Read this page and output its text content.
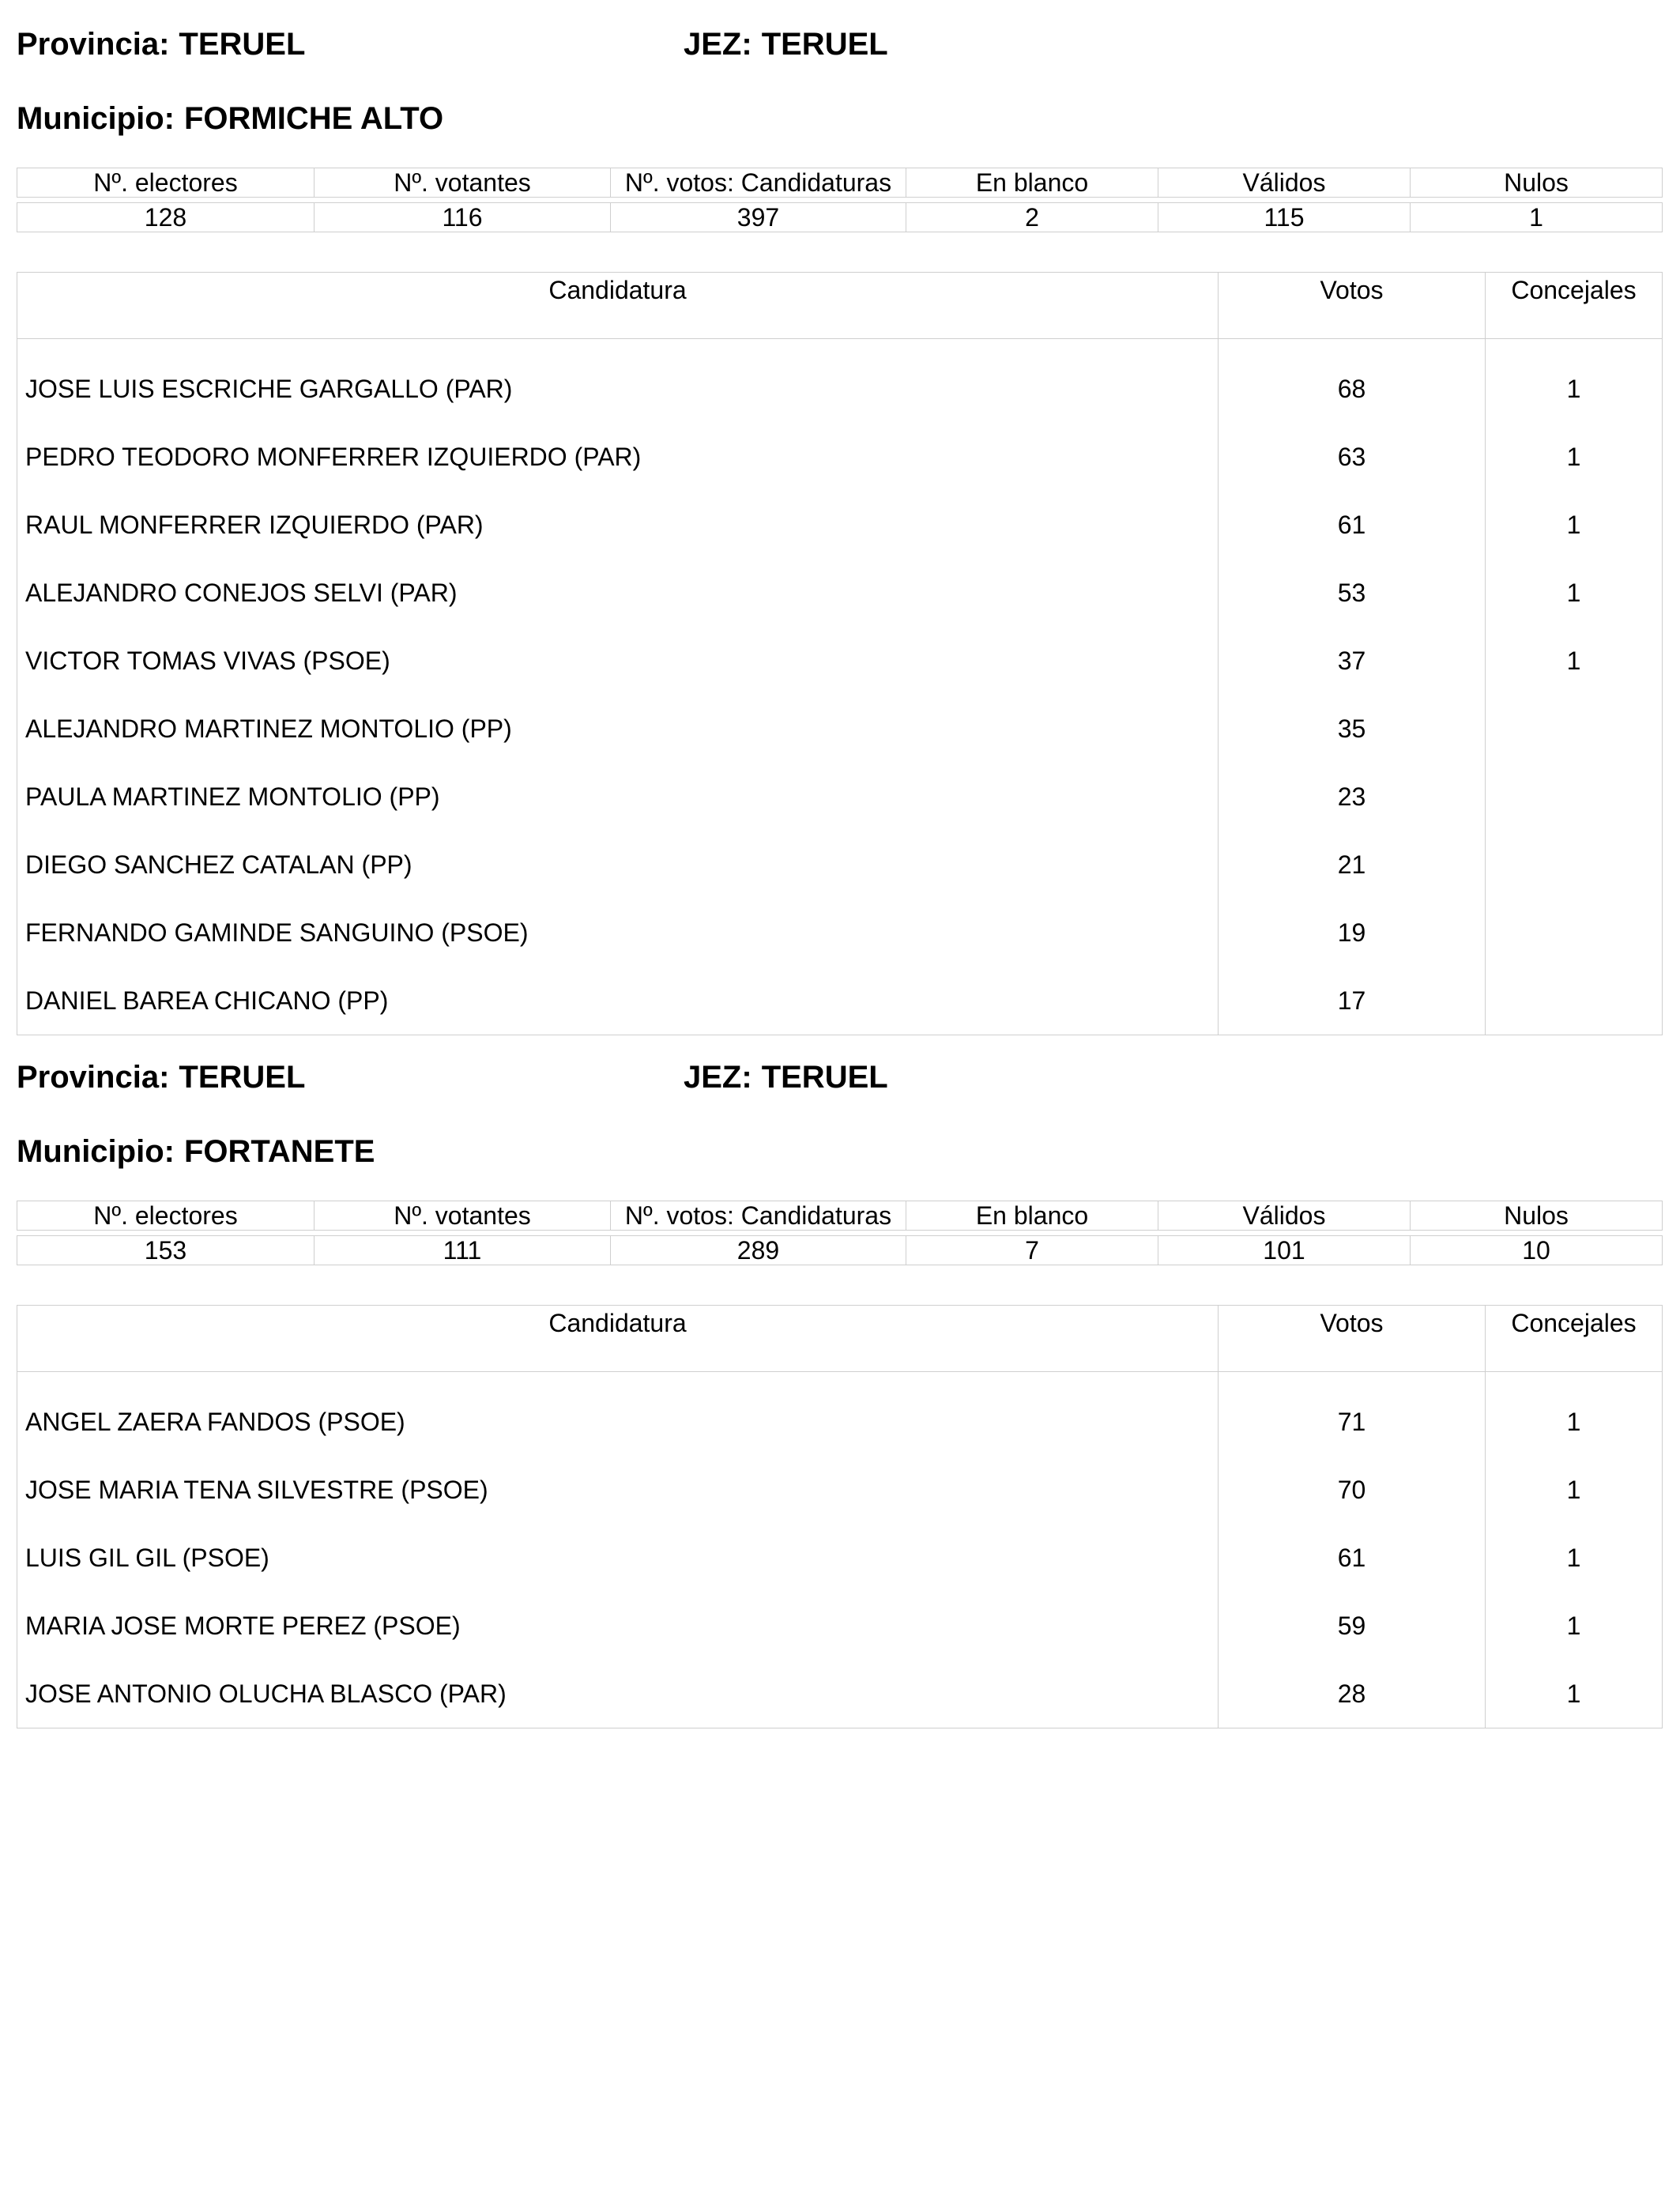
Provincia: TERUEL	JEZ: TERUEL
Municipio: FORMICHE ALTO
Nº. electores	Nº. votantes	Nº. votos: Candidaturas	En blanco	Válidos	Nulos

128	116	397	2	115	1
Candidatura	Votos	Concejales
JOSE LUIS ESCRICHE GARGALLO (PAR)	68	1
PEDRO TEODORO MONFERRER IZQUIERDO (PAR)	63	1
RAUL MONFERRER IZQUIERDO (PAR)	61	1
ALEJANDRO CONEJOS SELVI (PAR)	53	1
VICTOR TOMAS VIVAS (PSOE)	37	1
ALEJANDRO MARTINEZ MONTOLIO (PP)	35	
PAULA MARTINEZ MONTOLIO (PP)	23	
DIEGO SANCHEZ CATALAN (PP)	21	
FERNANDO GAMINDE SANGUINO (PSOE)	19	
DANIEL BAREA CHICANO (PP)	17	
Provincia: TERUEL	JEZ: TERUEL
Municipio: FORTANETE
Nº. electores	Nº. votantes	Nº. votos: Candidaturas	En blanco	Válidos	Nulos

153	111	289	7	101	10
Candidatura	Votos	Concejales
ANGEL ZAERA FANDOS (PSOE)	71	1
JOSE MARIA TENA SILVESTRE (PSOE)	70	1
LUIS GIL GIL (PSOE)	61	1
MARIA JOSE MORTE PEREZ (PSOE)	59	1
JOSE ANTONIO OLUCHA BLASCO (PAR)	28	1
